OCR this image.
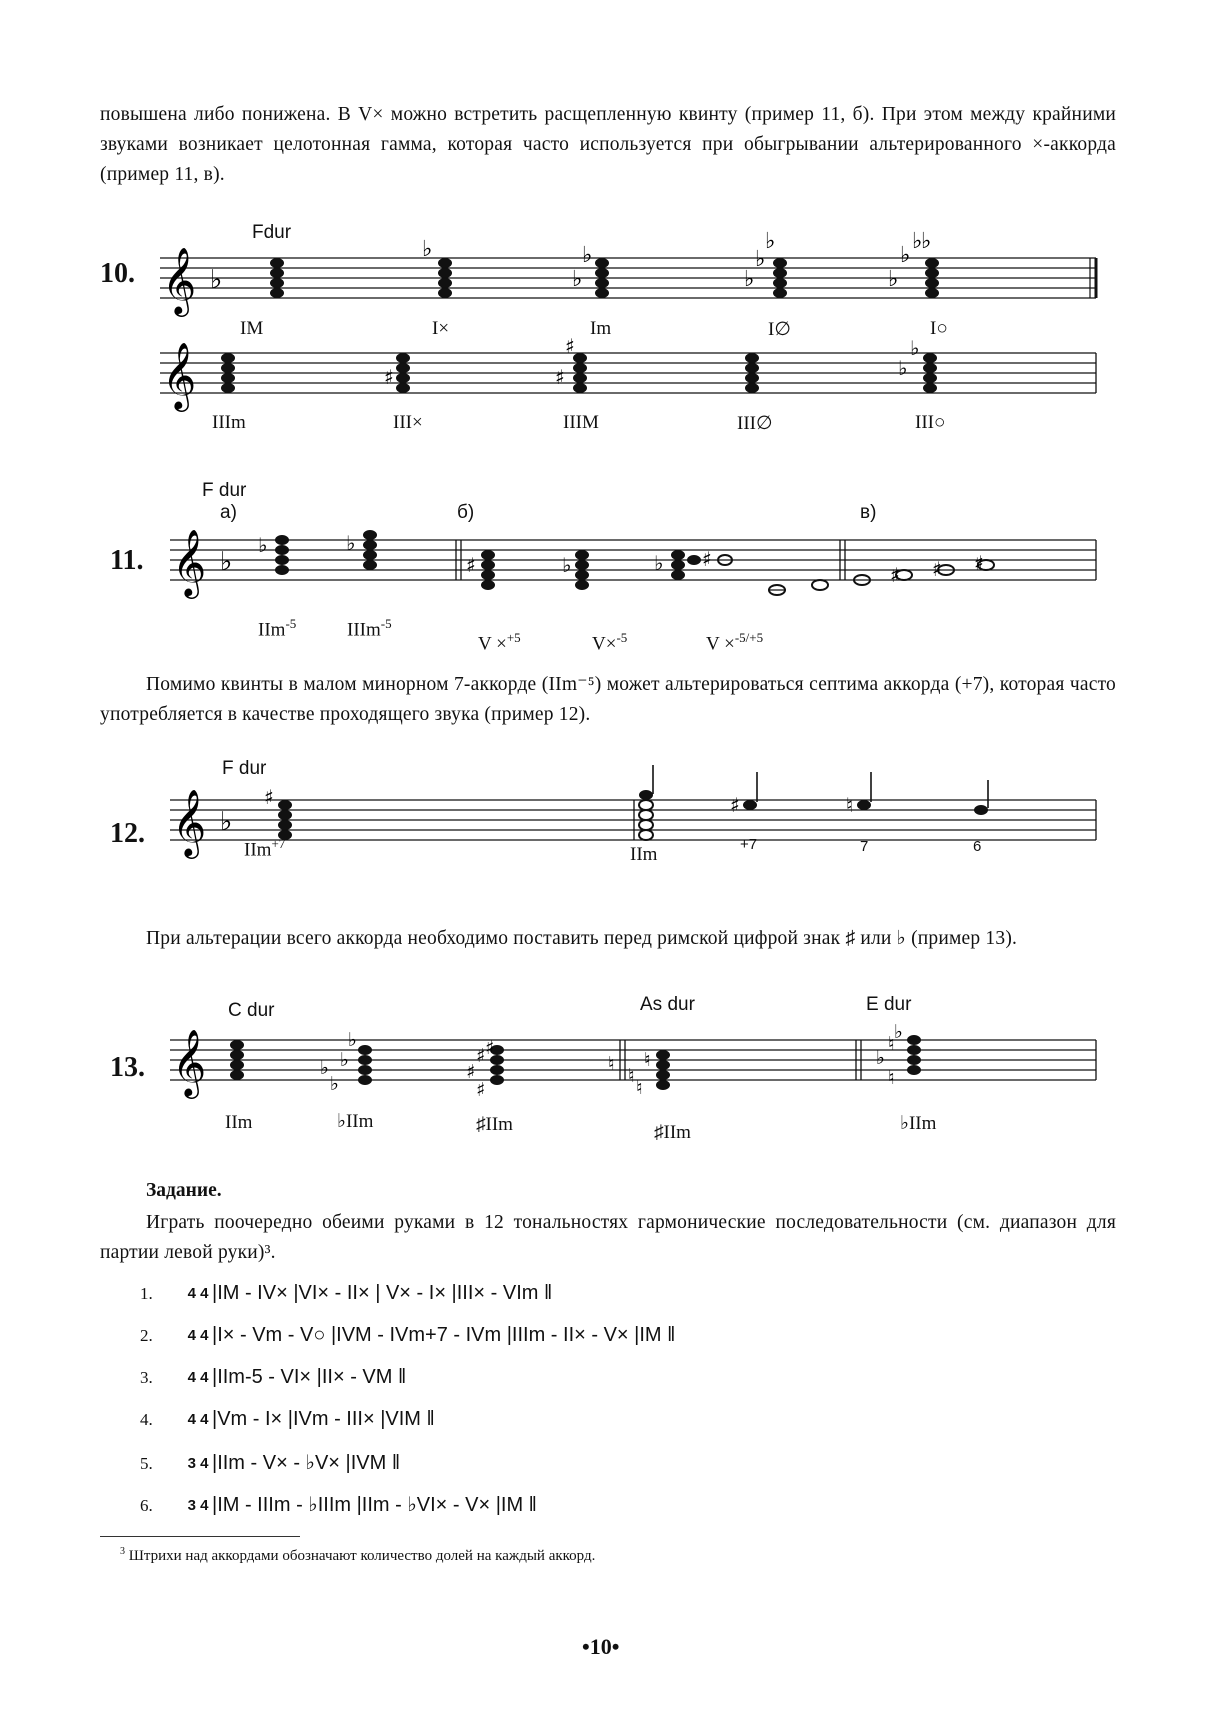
повышена либо понижена. В V× можно встретить расщепленную квинту (пример 11, б). При этом между крайними звуками возникает целотонная гамма, которая часто используется при обыгрывании альтерированного ×-аккорда (пример 11, в).
10.
Fdur
𝄞 ♭
♭
♭
♭
♭
♭
♭
♭
♭
♭
♭
IM	I×	Im	I∅	I○
𝄞	♯	♯
♯
♭
♭
IIIm	III×	IIIM	III∅	III○
F dur
а)	б)	в)
11. 𝄞 ♭
♭	♭
♯	♭	♭ ♯
♯ ♯ ♯
IIm$^{-5}$	IIIm$^{-5}$
V ×$^{+5}$	V×$^{-5}$	V ×$^{-5/+5}$
Помимо квинты в малом минорном 7-аккорде (IIm⁻⁵) может альтерироваться септима аккорда (+7), которая часто употребляется в качестве проходящего звука (пример 12).
F dur
12. 𝄞 ♭
♯	♯	♮
IIm$^{+7}$
IIm	+7	7	6
При альтерации всего аккорда необходимо поставить перед римской цифрой знак ♯ или ♭ (пример 13).
C dur	As dur	E dur
13. 𝄞	♭
♭
♭
♭
♯
♯ ♯
♯
♮
♮
♮
♮	♭
♮
♭
♮
IIm	♭IIm	♯IIm	♯IIm	♭IIm
Задание.
Играть поочередно обеими руками в 12 тональностях гармонические последовательности (см. диапазон для партии левой руки)³.
1. 4 4 |IM - IV× |VI× - II× | V× - I× |III× - VIm ‖
2. 4 4 |I× - Vm - V○ |IVM - IVm+7 - IVm |IIIm - II× - V× |IM ‖
3. 4 4 |IIm-5 - VI× |II× - VM ‖
4. 4 4 |Vm - I× |IVm - III× |VIM ‖
5. 3 4 |IIm - V× - ♭V× |IVM ‖
6. 3 4 |IM - IIIm - ♭IIIm |IIm - ♭VI× - V× |IM ‖
$^3$ Штрихи над аккордами обозначают количество долей на каждый аккорд.
•10•
